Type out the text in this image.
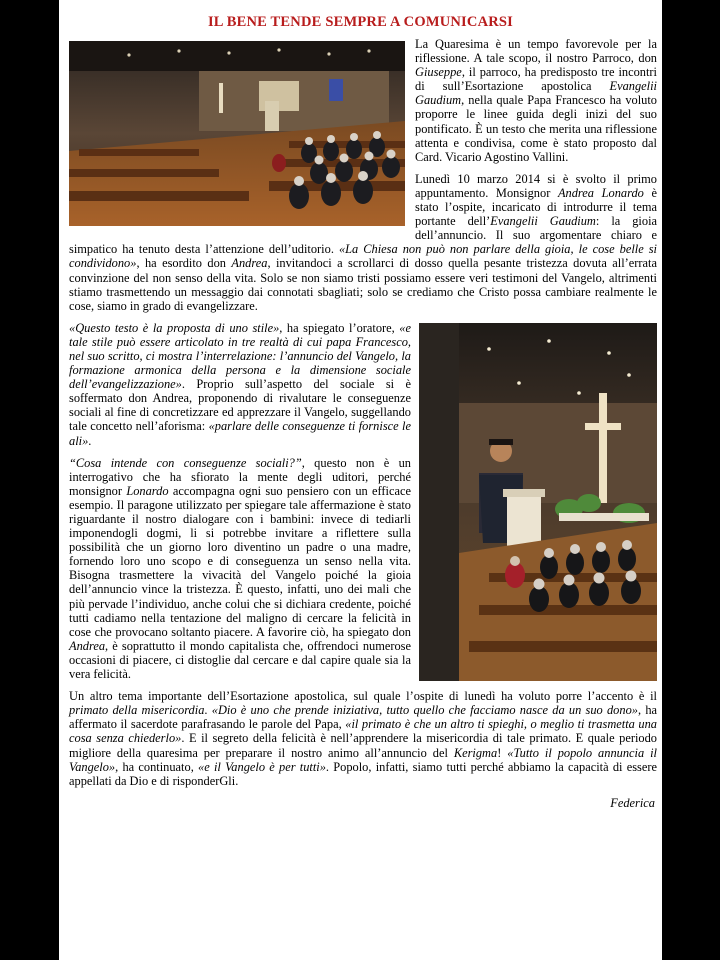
IL BENE TENDE SEMPRE A COMUNICARSI

La Quaresima è un tempo favorevole per la riflessione. A tale scopo, il nostro Parroco, don Giuseppe, il parroco, ha predisposto tre incontri di sull’Esortazione apostolica Evangelii Gaudium, nella quale Papa Francesco ha voluto proporre le linee guida degli inizi del suo pontificato. È un testo che merita una riflessione attenta e condivisa, come è stato proposto dal Card. Vicario Agostino Vallini.

Lunedì 10 marzo 2014 si è svolto il primo appuntamento. Monsignor Andrea Lonardo è stato l’ospite, incaricato di introdurre il tema portante dell’Evangelii Gaudium: la gioia dell’annuncio. Il suo argomentare chiaro e simpatico ha tenuto desta l’attenzione dell’uditorio. «La Chiesa non può non parlare della gioia, le cose belle si condividono», ha esordito don Andrea, invitandoci a scrollarci di dosso quella pesante tristezza dovuta all’errata convinzione del non senso della vita. Solo se non siamo tristi possiamo essere veri testimoni del Vangelo, altrimenti stiamo trasmettendo un messaggio dai connotati sbagliati; solo se crediamo che Cristo possa cambiare realmente le cose, siamo in grado di evangelizzare.

«Questo testo è la proposta di uno stile», ha spiegato l’oratore, «e tale stile può essere articolato in tre realtà di cui papa Francesco, nel suo scritto, ci mostra l’interrelazione: l’annuncio del Vangelo, la formazione armonica della persona e la dimensione sociale dell’evangelizzazione». Proprio sull’aspetto del sociale si è soffermato don Andrea, proponendo di rivalutare le conseguenze sociali al fine di concretizzare ed apprezzare il Vangelo, suggellando tale concetto nell’aforisma: «parlare delle conseguenze ti fornisce le ali».

“Cosa intende con conseguenze sociali?”, questo non è un interrogativo che ha sfiorato la mente degli uditori, perché monsignor Lonardo accompagna ogni suo pensiero con un efficace esempio. Il paragone utilizzato per spiegare tale affermazione è stato riguardante il nostro dialogare con i bambini: invece di tediarli imponendogli dogmi, li si potrebbe invitare a riflettere sulla possibilità che un giorno loro diventino un padre o una madre, fornendo loro uno scopo e di conseguenza un senso nella vita. Bisogna trasmettere la vivacità del Vangelo poiché la gioia dell’annuncio vince la tristezza. È questo, infatti, uno dei mali che più pervade l’individuo, anche colui che si dichiara credente, poiché tutti cadiamo nella tentazione del maligno di cercare la felicità in cose che provocano soltanto piacere. A favorire ciò, ha spiegato don Andrea, è soprattutto il mondo capitalista che, offrendoci numerose occasioni di piacere, ci distoglie dal cercare e dal capire quale sia la vera felicità.

Un altro tema importante dell’Esortazione apostolica, sul quale l’ospite di lunedì ha voluto porre l’accento è il primato della misericordia. «Dio è uno che prende iniziativa, tutto quello che facciamo nasce da un suo dono», ha affermato il sacerdote parafrasando le parole del Papa, «il primato è che un altro ti spieghi, o meglio ti trasmetta una cosa senza chiederlo». E il segreto della felicità è nell’apprendere la misericordia di tale primato. E quale periodo migliore della quaresima per preparare il nostro animo all’annuncio del Kerigma! «Tutto il popolo annuncia il Vangelo», ha continuato, «e il Vangelo è per tutti». Popolo, infatti, siamo tutti perché abbiamo la capacità di essere appellati da Dio e di risponderGli.

Federica
